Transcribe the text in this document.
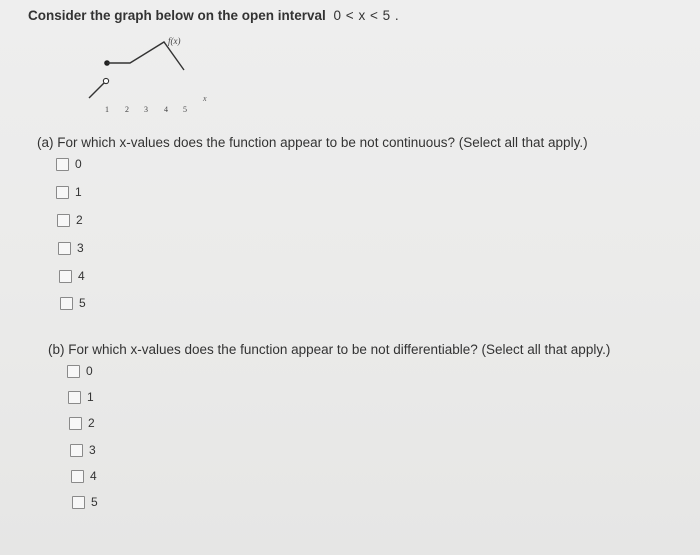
Consider the graph below on the open interval 0 < x < 5 .
f(x)
1 2 3 4 5
x
(a) For which x-values does the function appear to be not continuous? (Select all that apply.)
0
1
2
3
4
5
(b) For which x-values does the function appear to be not differentiable? (Select all that apply.)
0
1
2
3
4
5
